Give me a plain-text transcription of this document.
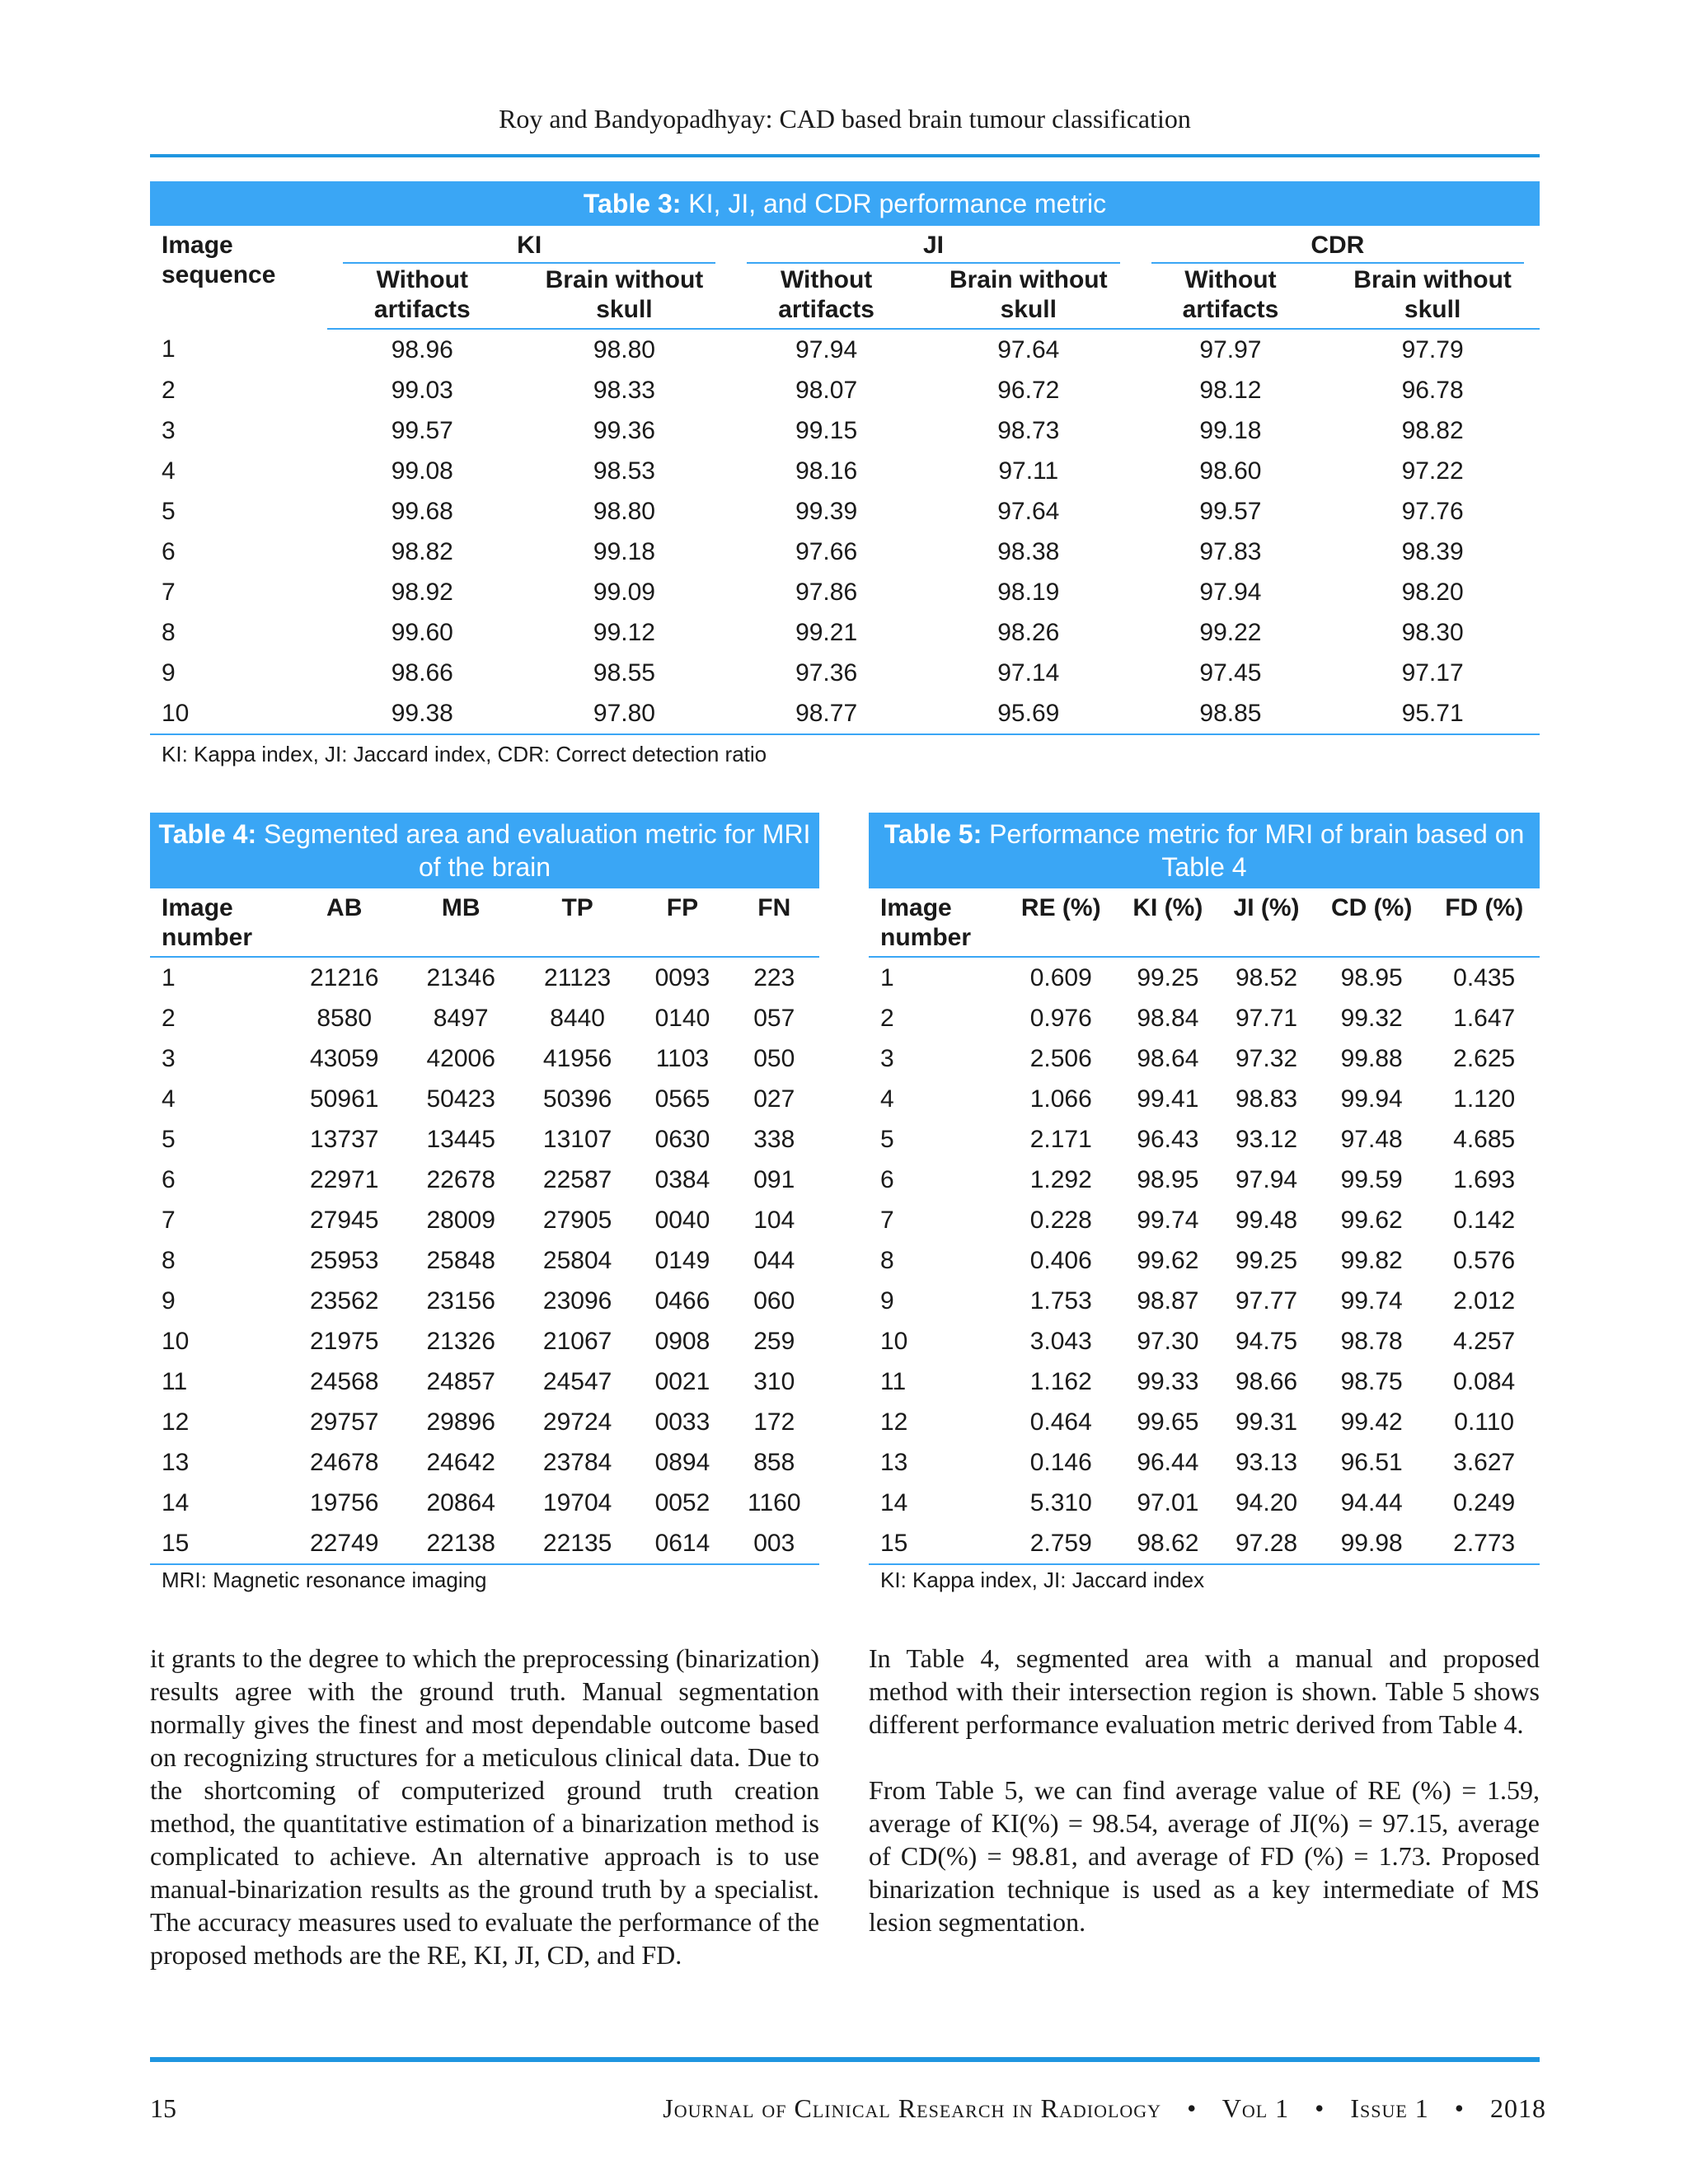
Roy and Bandyopadhyay: CAD based brain tumour classification
Table 3: KI, JI, and CDR performance metric						
Image sequence	KI		JI		CDR	

	Without artifacts	Brain without skull	Without artifacts	Brain without skull	Without artifacts	Brain without skull
1	98.96	98.80	97.94	97.64	97.97	97.79
2	99.03	98.33	98.07	96.72	98.12	96.78
3	99.57	99.36	99.15	98.73	99.18	98.82
4	99.08	98.53	98.16	97.11	98.60	97.22
5	99.68	98.80	99.39	97.64	99.57	97.76
6	98.82	99.18	97.66	98.38	97.83	98.39
7	98.92	99.09	97.86	98.19	97.94	98.20
8	99.60	99.12	99.21	98.26	99.22	98.30
9	98.66	98.55	97.36	97.14	97.45	97.17
10	99.38	97.80	98.77	95.69	98.85	95.71
KI: Kappa index, JI: Jaccard index, CDR: Correct detection ratio
Table 4: Segmented area and evaluation metric for MRI of the brain					
Image number	AB	MB	TP	FP	FN
1	21216	21346	21123	0093	223
2	8580	8497	8440	0140	057
3	43059	42006	41956	1103	050
4	50961	50423	50396	0565	027
5	13737	13445	13107	0630	338
6	22971	22678	22587	0384	091
7	27945	28009	27905	0040	104
8	25953	25848	25804	0149	044
9	23562	23156	23096	0466	060
10	21975	21326	21067	0908	259
11	24568	24857	24547	0021	310
12	29757	29896	29724	0033	172
13	24678	24642	23784	0894	858
14	19756	20864	19704	0052	1160
15	22749	22138	22135	0614	003
MRI: Magnetic resonance imaging
Table 5: Performance metric for MRI of brain based on Table 4					
Image number	RE (%)	KI (%)	JI (%)	CD (%)	FD (%)
1	0.609	99.25	98.52	98.95	0.435
2	0.976	98.84	97.71	99.32	1.647
3	2.506	98.64	97.32	99.88	2.625
4	1.066	99.41	98.83	99.94	1.120
5	2.171	96.43	93.12	97.48	4.685
6	1.292	98.95	97.94	99.59	1.693
7	0.228	99.74	99.48	99.62	0.142
8	0.406	99.62	99.25	99.82	0.576
9	1.753	98.87	97.77	99.74	2.012
10	3.043	97.30	94.75	98.78	4.257
11	1.162	99.33	98.66	98.75	0.084
12	0.464	99.65	99.31	99.42	0.110
13	0.146	96.44	93.13	96.51	3.627
14	5.310	97.01	94.20	94.44	0.249
15	2.759	98.62	97.28	99.98	2.773
KI: Kappa index, JI: Jaccard index

it grants to the degree to which the preprocessing (binarization) results agree with the ground truth. Manual segmentation normally gives the finest and most dependable outcome based on recognizing structures for a meticulous clinical data. Due to the shortcoming of computerized ground truth creation method, the quantitative estimation of a binarization method is complicated to achieve. An alternative approach is to use manual-binarization results as the ground truth by a specialist. The accuracy measures used to evaluate the performance of the proposed methods are the RE, KI, JI, CD, and FD.

In Table 4, segmented area with a manual and proposed method with their intersection region is shown. Table 5 shows different performance evaluation metric derived from Table 4.

From Table 5, we can find average value of RE (%) = 1.59, average of KI(%) = 98.54, average of JI(%) = 97.15, average of CD(%) = 98.81, and average of FD (%) = 1.73. Proposed binarization technique is used as a key intermediate of MS lesion segmentation.

15	Journal of Clinical Research in Radiology • Vol 1 • Issue 1 • 2018
